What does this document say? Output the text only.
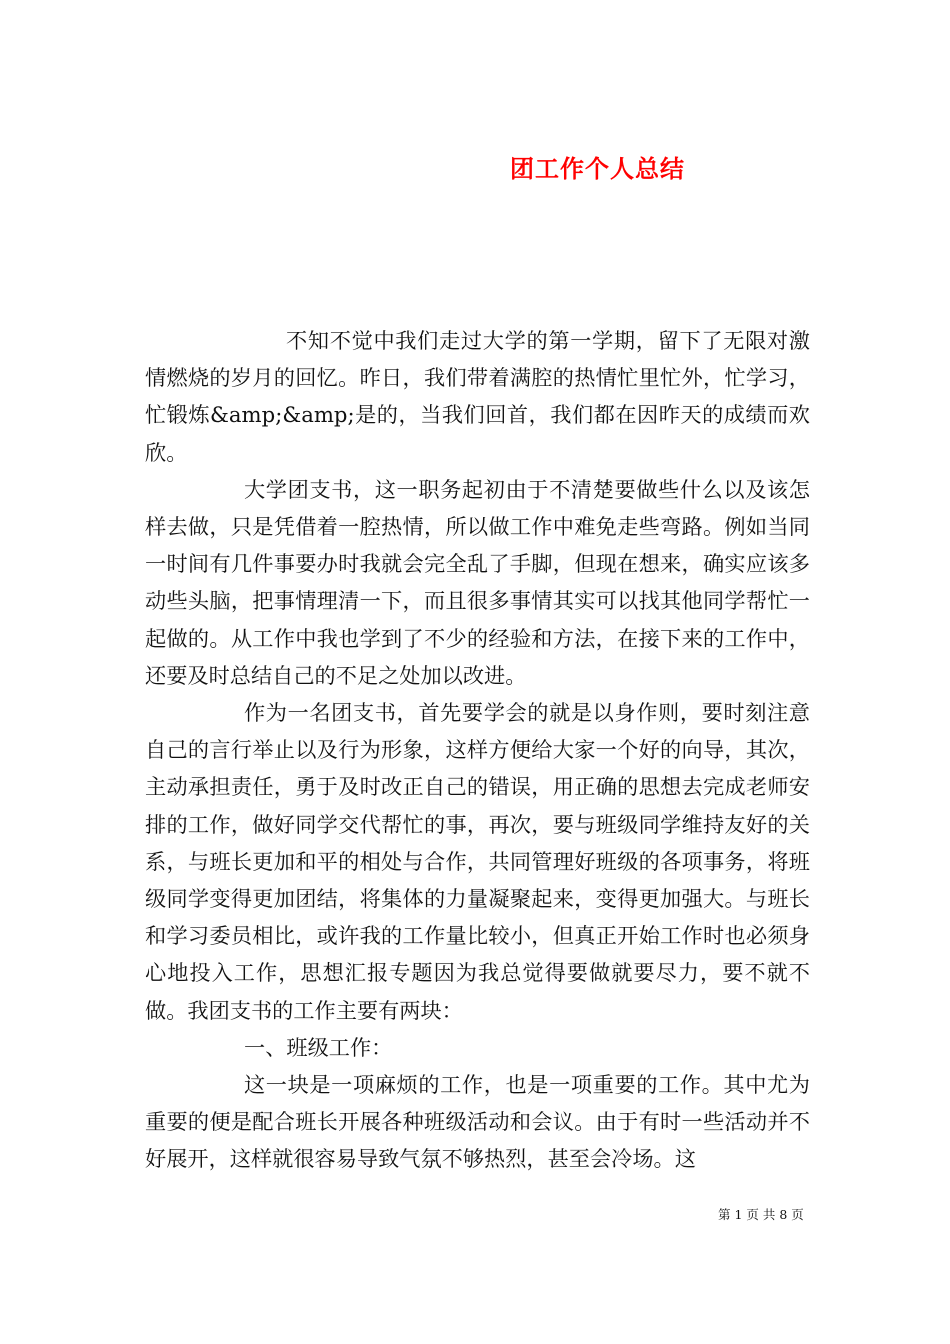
团工作个人总结

不知不觉中我们走过大学的第一学期，留下了无限对激情燃烧的岁月的回忆。昨日，我们带着满腔的热情忙里忙外，忙学习，忙锻炼&amp;&amp;是的，当我们回首，我们都在因昨天的成绩而欢欣。

大学团支书，这一职务起初由于不清楚要做些什么以及该怎样去做，只是凭借着一腔热情，所以做工作中难免走些弯路。例如当同一时间有几件事要办时我就会完全乱了手脚，但现在想来，确实应该多动些头脑，把事情理清一下，而且很多事情其实可以找其他同学帮忙一起做的。从工作中我也学到了不少的经验和方法，在接下来的工作中，还要及时总结自己的不足之处加以改进。

作为一名团支书，首先要学会的就是以身作则，要时刻注意自己的言行举止以及行为形象，这样方便给大家一个好的向导，其次，主动承担责任，勇于及时改正自己的错误，用正确的思想去完成老师安排的工作，做好同学交代帮忙的事，再次，要与班级同学维持友好的关系，与班长更加和平的相处与合作，共同管理好班级的各项事务，将班级同学变得更加团结，将集体的力量凝聚起来，变得更加强大。与班长和学习委员相比，或许我的工作量比较小，但真正开始工作时也必须身心地投入工作，思想汇报专题因为我总觉得要做就要尽力，要不就不做。我团支书的工作主要有两块：

一、班级工作：

这一块是一项麻烦的工作，也是一项重要的工作。其中尤为重要的便是配合班长开展各种班级活动和会议。由于有时一些活动并不好展开，这样就很容易导致气氛不够热烈，甚至会冷场。这

第 1 页 共 8 页
